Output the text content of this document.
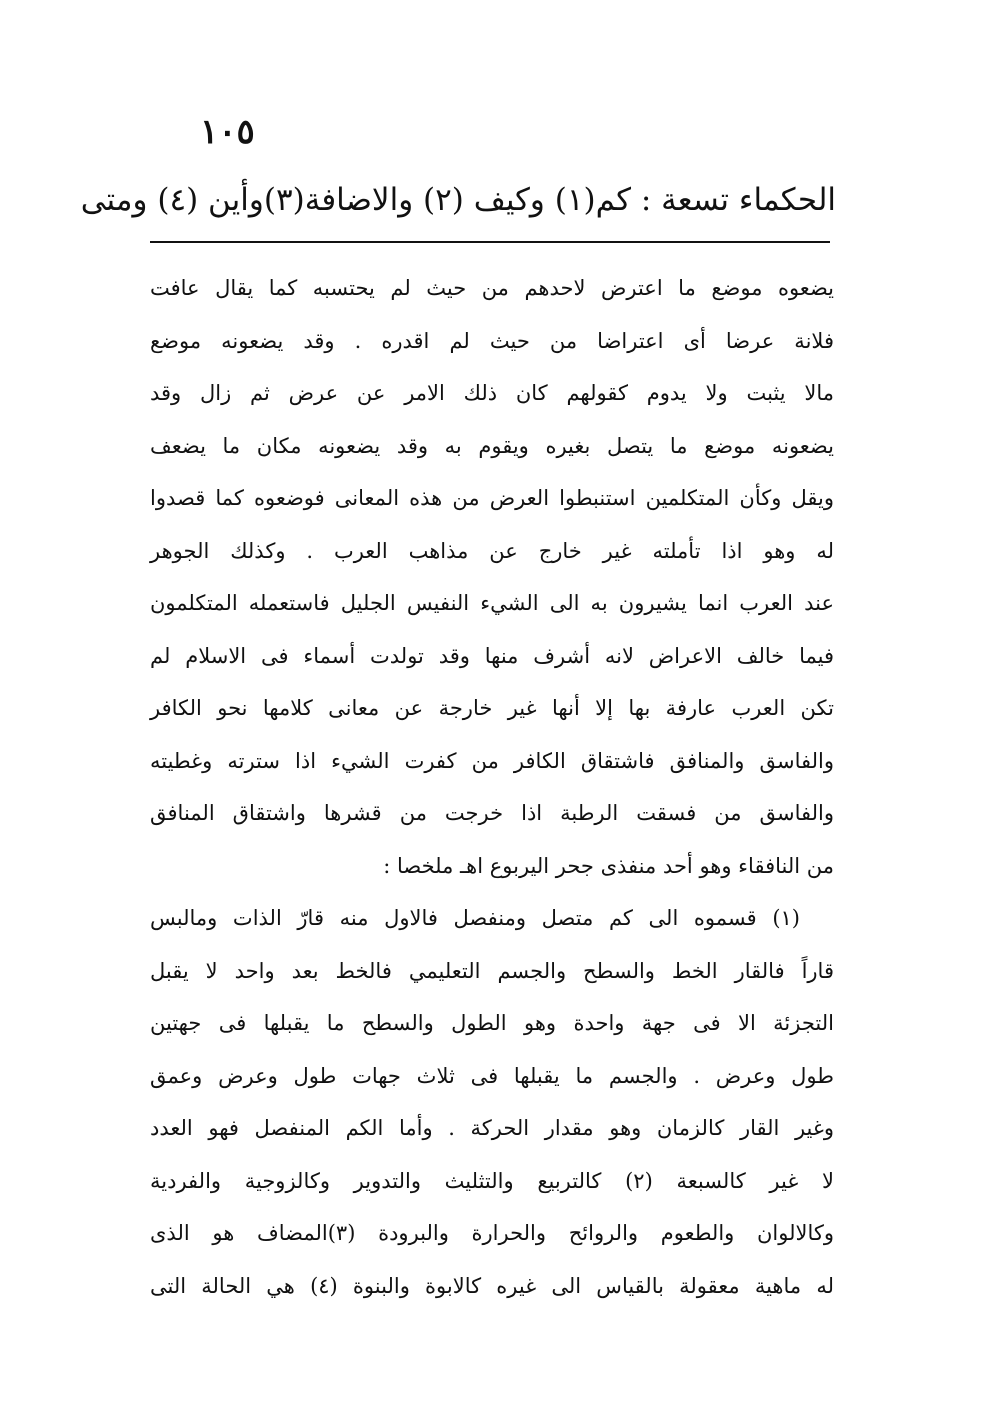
١٠٥
الحكماء تسعة : كم(١) وكيف (٢) والاضافة(٣)وأين (٤) ومتى
يضعوه موضع ما اعترض لاحدهم من حيث لم يحتسبه كما يقال عافت
فلانة عرضا أى اعتراضا من حيث لم اقدره . وقد يضعونه موضع
مالا يثبت ولا يدوم كقولهم كان ذلك الامر عن عرض ثم زال وقد
يضعونه موضع ما يتصل بغيره ويقوم به وقد يضعونه مكان ما يضعف
ويقل وكأن المتكلمين استنبطوا العرض من هذه المعانى فوضعوه كما قصدوا
له وهو اذا تأملته غير خارج عن مذاهب العرب . وكذلك الجوهر
عند العرب انما يشيرون به الى الشيء النفيس الجليل فاستعمله المتكلمون
فيما خالف الاعراض لانه أشرف منها وقد تولدت أسماء فى الاسلام لم
تكن العرب عارفة بها إلا أنها غير خارجة عن معانى كلامها نحو الكافر
والفاسق والمنافق فاشتقاق الكافر من كفرت الشيء اذا سترته وغطيته
والفاسق من فسقت الرطبة اذا خرجت من قشرها واشتقاق المنافق
من النافقاء وهو أحد منفذى جحر اليربوع اهـ ملخصا :
(١) قسموه الى كم متصل ومنفصل فالاول منه قارّ الذات ومالبس
قاراً فالقار الخط والسطح والجسم التعليمي فالخط بعد واحد لا يقبل
التجزئة الا فى جهة واحدة وهو الطول والسطح ما يقبلها فى جهتين
طول وعرض . والجسم ما يقبلها فى ثلاث جهات طول وعرض وعمق
وغير القار كالزمان وهو مقدار الحركة . وأما الكم المنفصل فهو العدد
لا غير كالسبعة (٢) كالتربيع والتثليث والتدوير وكالزوجية والفردية
وكالالوان والطعوم والروائح والحرارة والبرودة (٣)المضاف هو الذى
له ماهية معقولة بالقياس الى غيره كالابوة والبنوة (٤) هي الحالة التى
